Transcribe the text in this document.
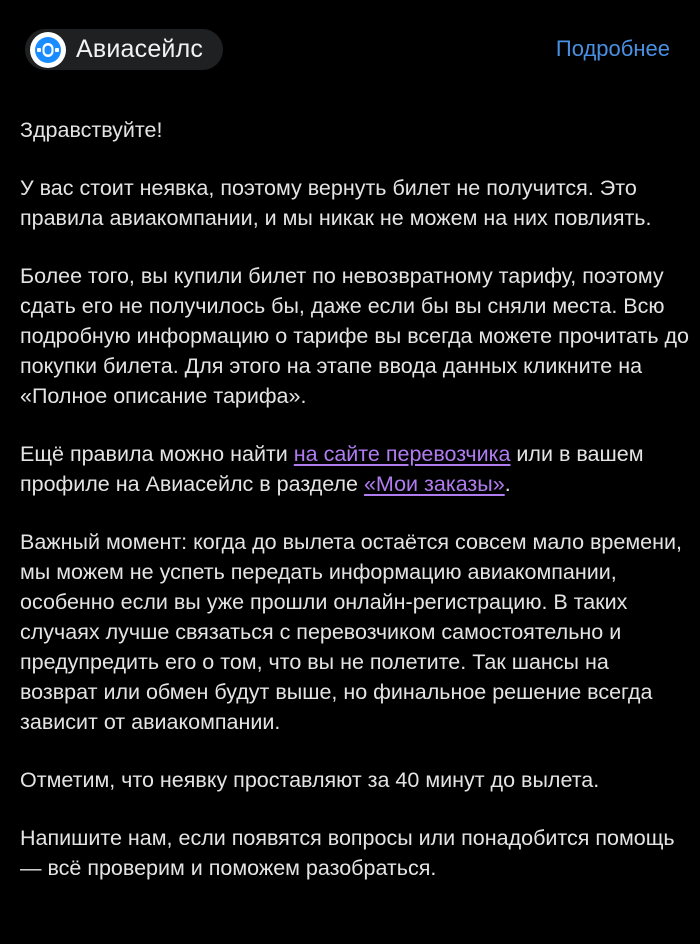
Авиасейлс	Подробнее

Здравствуйте!

У вас стоит неявка, поэтому вернуть билет не получится. Это правила авиакомпании, и мы никак не можем на них повлиять.

Более того, вы купили билет по невозвратному тарифу, поэтому сдать его не получилось бы, даже если бы вы сняли места. Всю подробную информацию о тарифе вы всегда можете прочитать до покупки билета. Для этого на этапе ввода данных кликните на «Полное описание тарифа».

Ещё правила можно найти на сайте перевозчика или в вашем профиле на Авиасейлс в разделе «Мои заказы».

Важный момент: когда до вылета остаётся совсем мало времени, мы можем не успеть передать информацию авиакомпании, особенно если вы уже прошли онлайн-регистрацию. В таких случаях лучше связаться с перевозчиком самостоятельно и предупредить его о том, что вы не полетите. Так шансы на возврат или обмен будут выше, но финальное решение всегда зависит от авиакомпании.

Отметим, что неявку проставляют за 40 минут до вылета.

Напишите нам, если появятся вопросы или понадобится помощь — всё проверим и поможем разобраться.
